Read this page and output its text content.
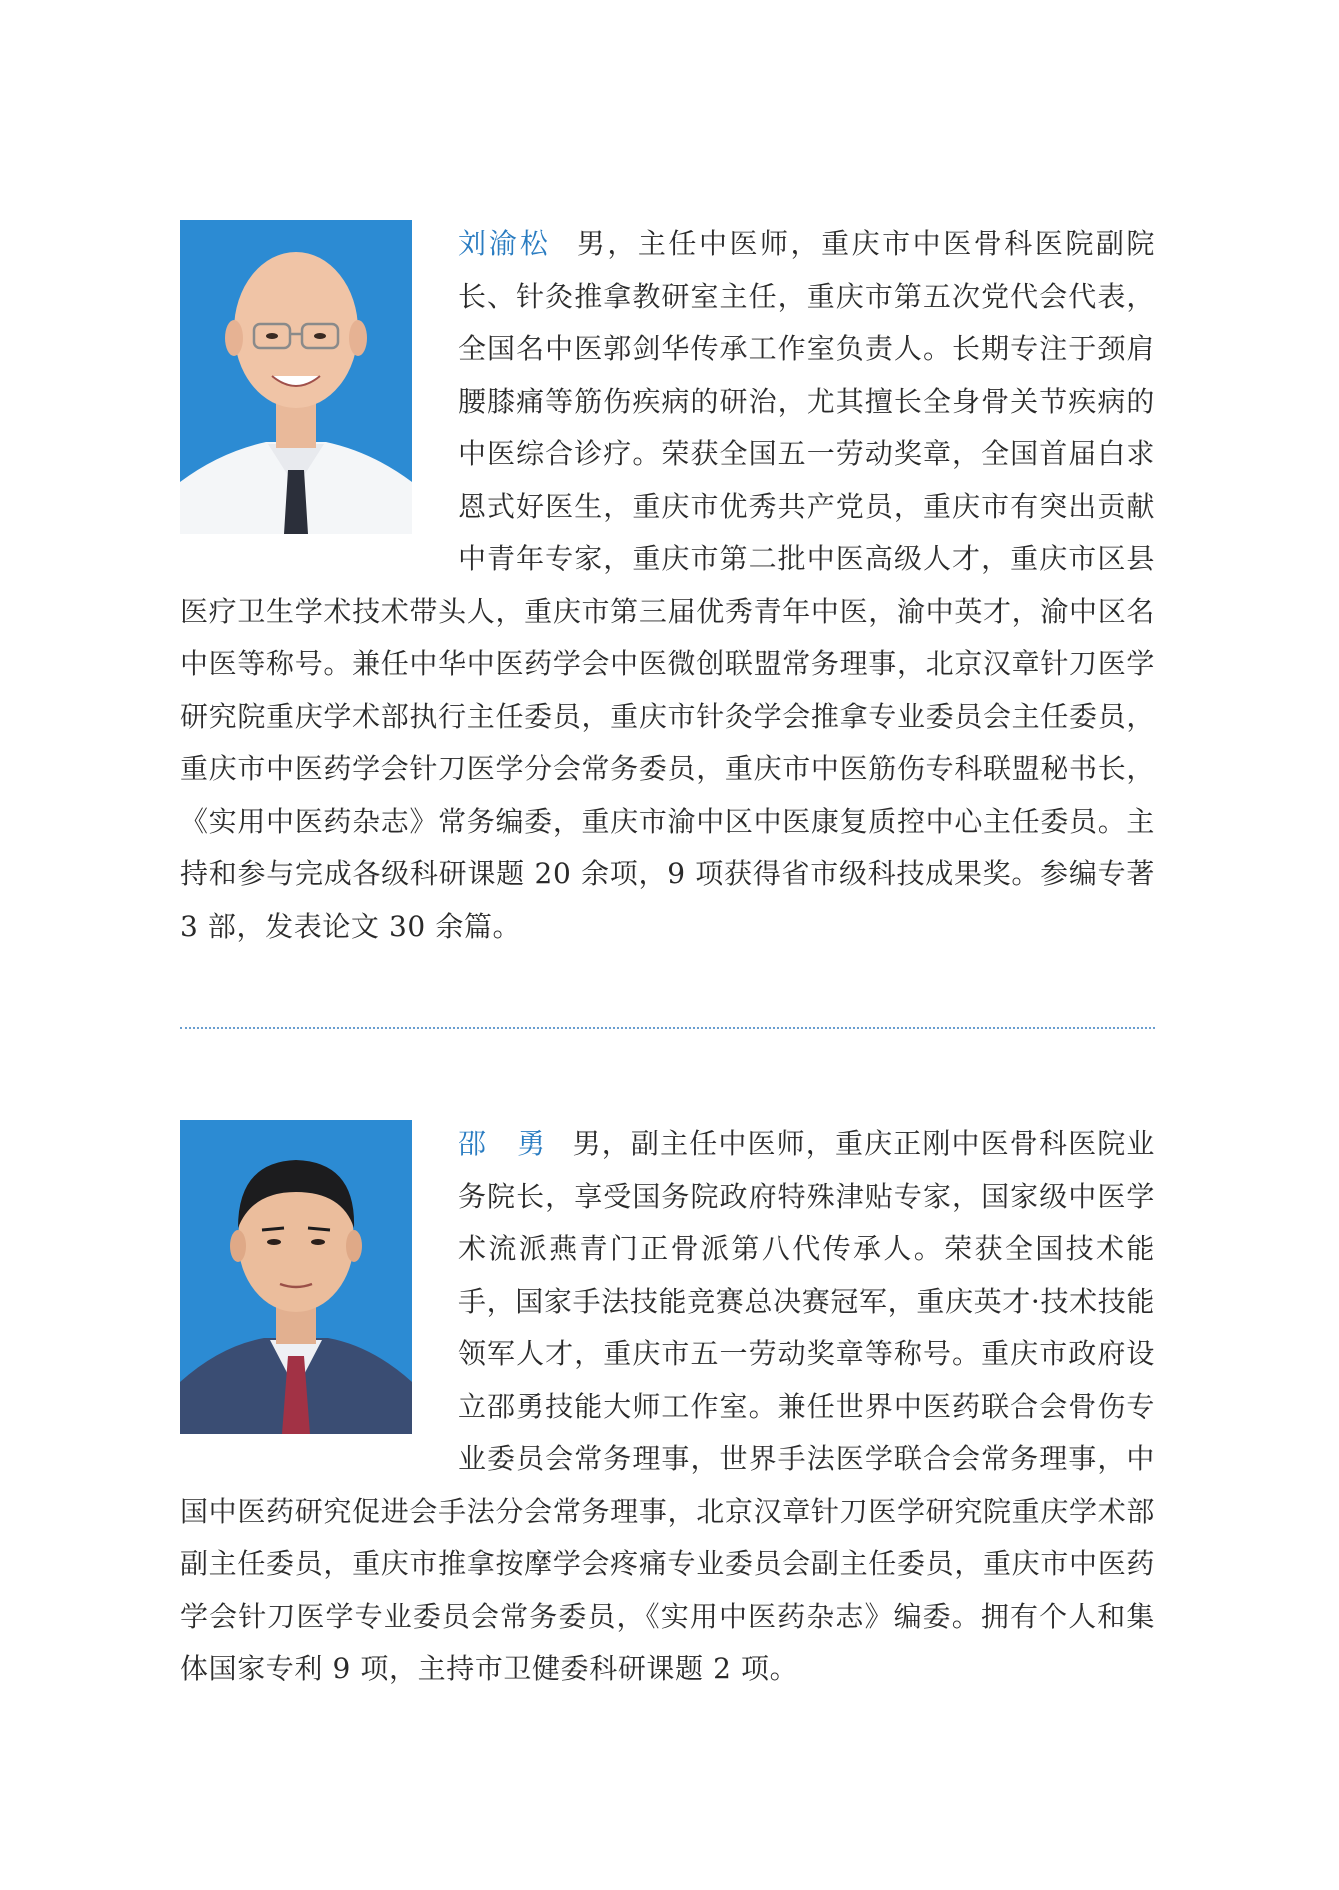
刘渝松 男，主任中医师，重庆市中医骨科医院副院长、针灸推拿教研室主任，重庆市第五次党代会代表，全国名中医郭剑华传承工作室负责人。长期专注于颈肩腰膝痛等筋伤疾病的研治，尤其擅长全身骨关节疾病的中医综合诊疗。荣获全国五一劳动奖章，全国首届白求恩式好医生，重庆市优秀共产党员，重庆市有突出贡献中青年专家，重庆市第二批中医高级人才，重庆市区县医疗卫生学术技术带头人，重庆市第三届优秀青年中医，渝中英才，渝中区名中医等称号。兼任中华中医药学会中医微创联盟常务理事，北京汉章针刀医学研究院重庆学术部执行主任委员，重庆市针灸学会推拿专业委员会主任委员，重庆市中医药学会针刀医学分会常务委员，重庆市中医筋伤专科联盟秘书长，《实用中医药杂志》常务编委，重庆市渝中区中医康复质控中心主任委员。主持和参与完成各级科研课题 20 余项，9 项获得省市级科技成果奖。参编专著 3 部，发表论文 30 余篇。

邵　勇 男，副主任中医师，重庆正刚中医骨科医院业务院长，享受国务院政府特殊津贴专家，国家级中医学术流派燕青门正骨派第八代传承人。荣获全国技术能手，国家手法技能竞赛总决赛冠军，重庆英才·技术技能领军人才，重庆市五一劳动奖章等称号。重庆市政府设立邵勇技能大师工作室。兼任世界中医药联合会骨伤专业委员会常务理事，世界手法医学联合会常务理事，中国中医药研究促进会手法分会常务理事，北京汉章针刀医学研究院重庆学术部副主任委员，重庆市推拿按摩学会疼痛专业委员会副主任委员，重庆市中医药学会针刀医学专业委员会常务委员，《实用中医药杂志》编委。拥有个人和集体国家专利 9 项，主持市卫健委科研课题 2 项。
